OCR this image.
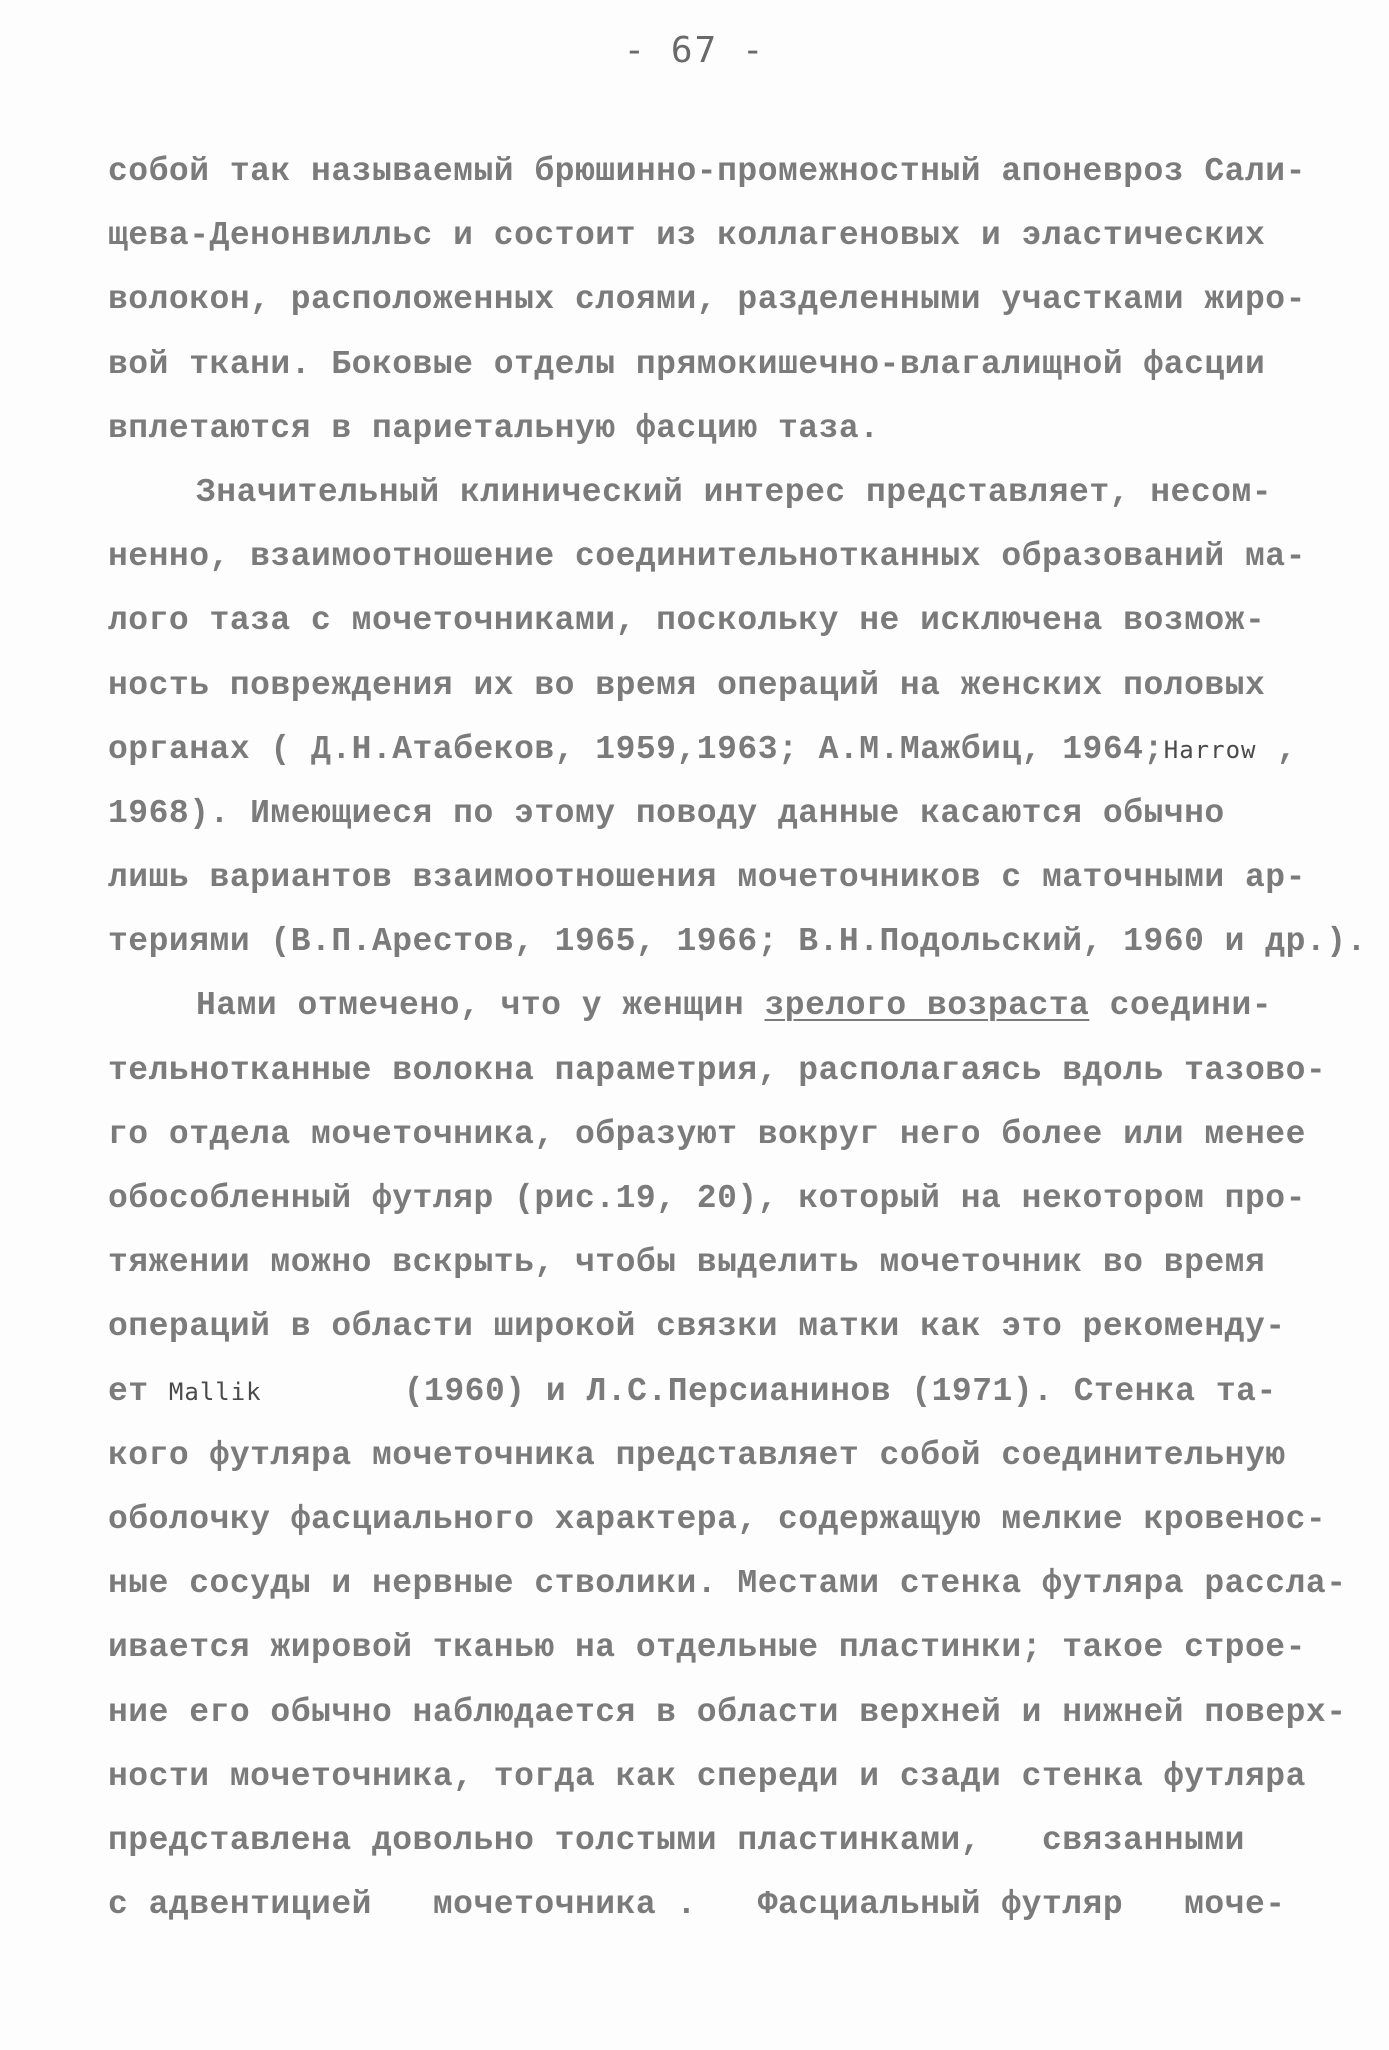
- 67 -
собой так называемый брюшинно-промежностный апоневроз Сали-
щева-Денонвилльс и состоит из коллагеновых и эластических
волокон, расположенных слоями, разделенными участками жиро-
вой ткани. Боковые отделы прямокишечно-влагалищной фасции
вплетаются в париетальную фасцию таза.
Значительный клинический интерес представляет, несом-
ненно, взаимоотношение соединительнотканных образований ма-
лого таза с мочеточниками, поскольку не исключена возмож-
ность повреждения их во время операций на женских половых
органах ( Д.Н.Атабеков, 1959,1963; А.М.Мажбиц, 1964;Harrow ,
1968). Имеющиеся по этому поводу данные касаются обычно
лишь вариантов взаимоотношения мочеточников с маточными ар-
териями (В.П.Арестов, 1965, 1966; В.Н.Подольский, 1960 и др.).
Нами отмечено, что у женщин зрелого возраста соедини-
тельнотканные волокна параметрия, располагаясь вдоль тазово-
го отдела мочеточника, образуют вокруг него более или менее
обособленный футляр (рис.19, 20), который на некотором про-
тяжении можно вскрыть, чтобы выделить мочеточник во время
операций в области широкой связки матки как это рекоменду-
ет Mallik       (1960) и Л.С.Персианинов (1971). Стенка та-
кого футляра мочеточника представляет собой соединительную
оболочку фасциального характера, содержащую мелкие кровенос-
ные сосуды и нервные стволики. Местами стенка футляра рассла-
ивается жировой тканью на отдельные пластинки; такое строе-
ние его обычно наблюдается в области верхней и нижней поверх-
ности мочеточника, тогда как спереди и сзади стенка футляра
представлена довольно толстыми пластинками,   связанными
с адвентицией   мочеточника .   Фасциальный футляр   моче-
